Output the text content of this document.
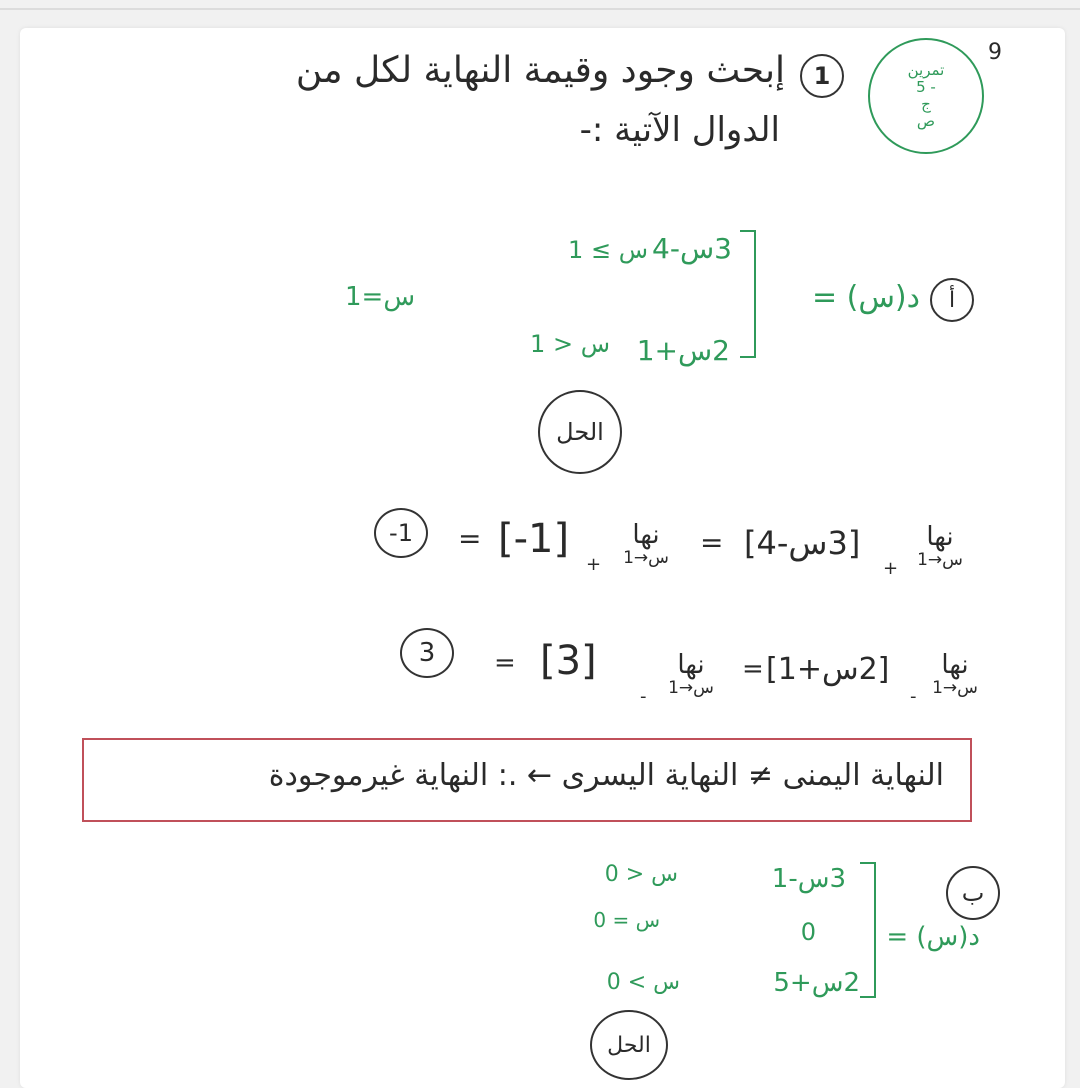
9
تمرين
5 -
ج
ص
1
إبحث وجود وقيمة النهاية لكل من
الدوال الآتية :-
أ
د(س) =
3س-4
س ≥ 1
2س+1
س < 1
س=1
الحل
نها
س→1
+
[3س-4]
=
نها
س→1
+
[-1]
=
-1
نها
س→1
-
[2س+1]
=
نها
س→1
-
[3]
=
3
النهاية اليمنى ≠ النهاية اليسرى ← .: النهاية غيرموجودة
ب
د(س) =
3س-1
س < 0
0
س = 0
2س+5
س > 0
الحل
